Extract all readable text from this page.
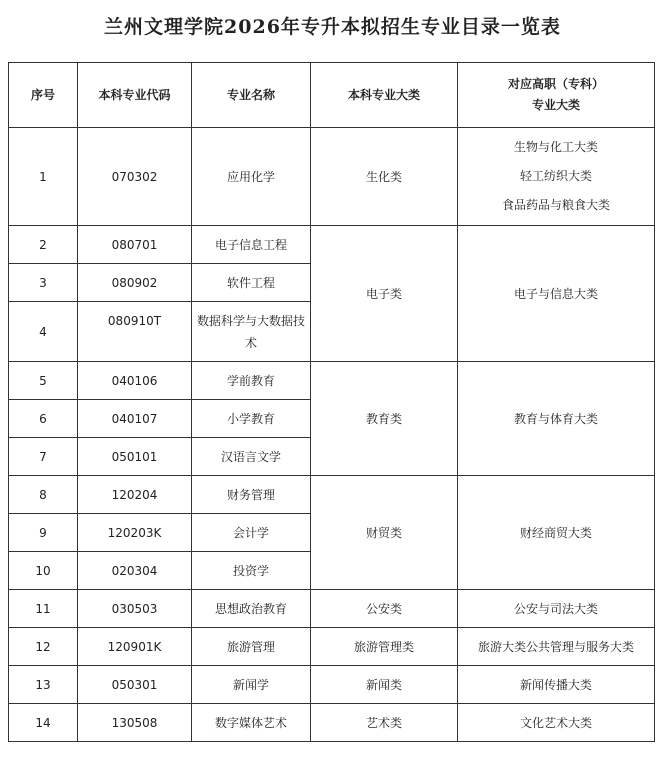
兰州文理学院2026年专升本拟招生专业目录一览表
序号	本科专业代码	专业名称	本科专业大类	对应高职（专科）
专业大类

1	070302	应用化学	生化类	生物与化工大类
轻工纺织大类
食品药品与粮食大类

2	080701	电子信息工程	电子类	电子与信息大类
3	080902	软件工程		
4	080910T	数据科学与大数据技术		
5	040106	学前教育	教育类	教育与体育大类
6	040107	小学教育		
7	050101	汉语言文学		
8	120204	财务管理	财贸类	财经商贸大类
9	120203K	会计学		
10	020304	投资学		
11	030503	思想政治教育	公安类	公安与司法大类
12	120901K	旅游管理	旅游管理类	旅游大类公共管理与服务大类
13	050301	新闻学	新闻类	新闻传播大类
14	130508	数字媒体艺术	艺术类	文化艺术大类
